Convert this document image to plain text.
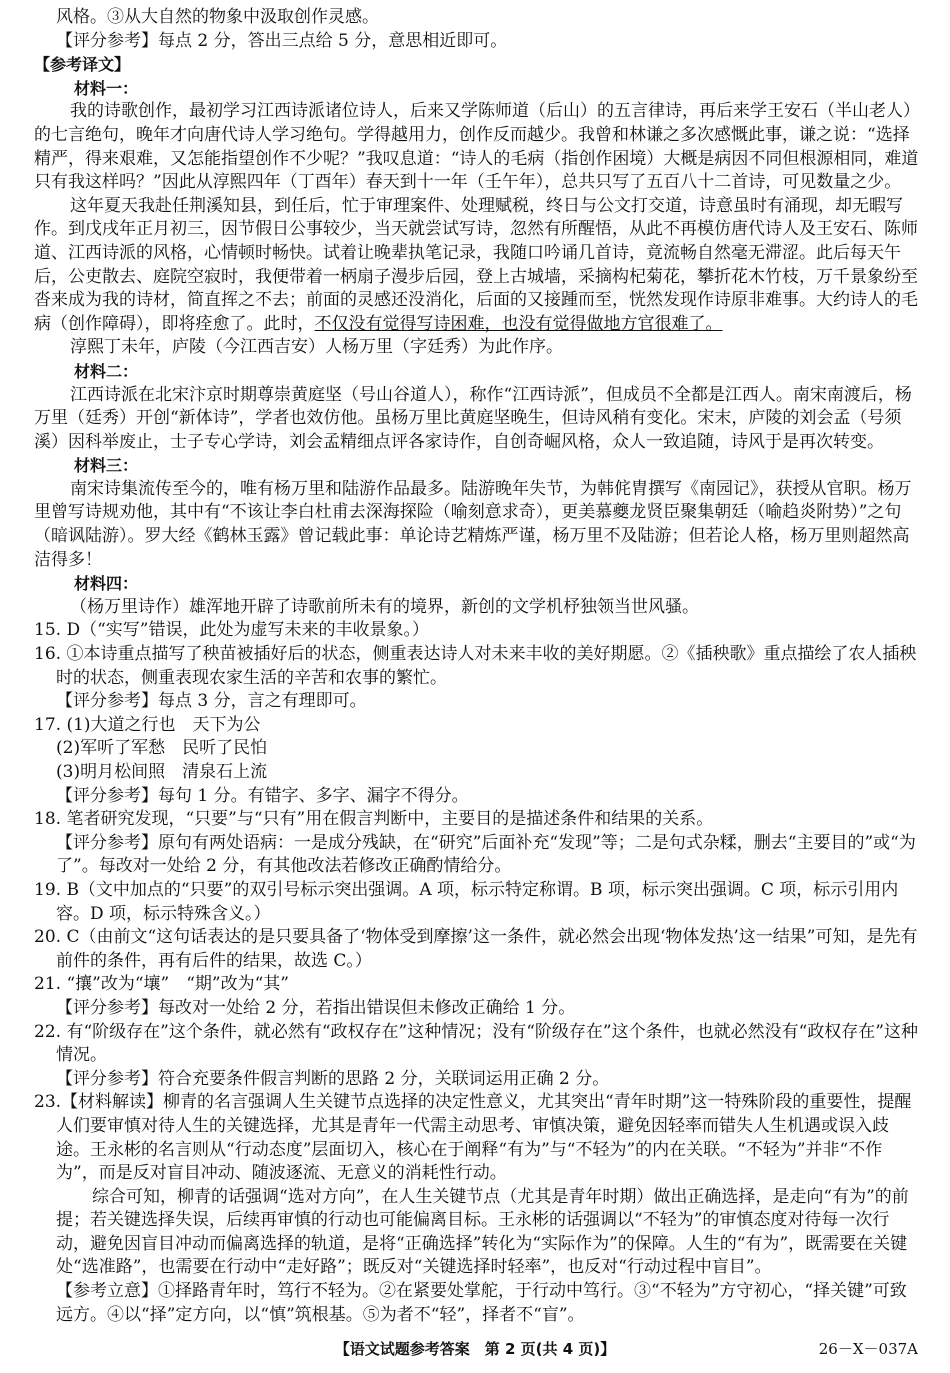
风格。③从大自然的物象中汲取创作灵感。

【评分参考】每点 2 分，答出三点给 5 分，意思相近即可。

【参考译文】

材料一：

我的诗歌创作，最初学习江西诗派诸位诗人，后来又学陈师道（后山）的五言律诗，再后来学王安石（半山老人）的七言绝句，晚年才向唐代诗人学习绝句。学得越用力，创作反而越少。我曾和林谦之多次感慨此事，谦之说：“选择精严，得来艰难，又怎能指望创作不少呢？”我叹息道：“诗人的毛病（指创作困境）大概是病因不同但根源相同，难道只有我这样吗？”因此从淳熙四年（丁酉年）春天到十一年（壬午年），总共只写了五百八十二首诗，可见数量之少。

这年夏天我赴任荆溪知县，到任后，忙于审理案件、处理赋税，终日与公文打交道，诗意虽时有涌现，却无暇写作。到戊戌年正月初三，因节假日公事较少，当天就尝试写诗，忽然有所醒悟，从此不再模仿唐代诗人及王安石、陈师道、江西诗派的风格，心情顿时畅快。试着让晚辈执笔记录，我随口吟诵几首诗，竟流畅自然毫无滞涩。此后每天午后，公吏散去、庭院空寂时，我便带着一柄扇子漫步后园，登上古城墙，采摘构杞菊花，攀折花木竹枝，万千景象纷至沓来成为我的诗材，简直挥之不去；前面的灵感还没消化，后面的又接踵而至，恍然发现作诗原非难事。大约诗人的毛病（创作障碍），即将痊愈了。此时，不仅没有觉得写诗困难，也没有觉得做地方官很难了。

淳熙丁未年，庐陵（今江西吉安）人杨万里（字廷秀）为此作序。

材料二：

江西诗派在北宋汴京时期尊崇黄庭坚（号山谷道人），称作“江西诗派”，但成员不全都是江西人。南宋南渡后，杨万里（廷秀）开创“新体诗”，学者也效仿他。虽杨万里比黄庭坚晚生，但诗风稍有变化。宋末，庐陵的刘会孟（号须溪）因科举废止，士子专心学诗，刘会孟精细点评各家诗作，自创奇崛风格，众人一致追随，诗风于是再次转变。

材料三：

南宋诗集流传至今的，唯有杨万里和陆游作品最多。陆游晚年失节，为韩侂胄撰写《南园记》，获授从官职。杨万里曾写诗规劝他，其中有“不该让李白杜甫去深海探险（喻刻意求奇），更美慕夔龙贤臣聚集朝廷（喻趋炎附势）”之句（暗讽陆游）。罗大经《鹤林玉露》曾记载此事：单论诗艺精炼严谨，杨万里不及陆游；但若论人格，杨万里则超然高洁得多！

材料四：

（杨万里诗作）雄浑地开辟了诗歌前所未有的境界，新创的文学机杼独领当世风骚。

15. D（“实写”错误，此处为虚写未来的丰收景象。）

16. ①本诗重点描写了秧苗被插好后的状态，侧重表达诗人对未来丰收的美好期愿。②《插秧歌》重点描绘了农人插秧时的状态，侧重表现农家生活的辛苦和农事的繁忙。

【评分参考】每点 3 分，言之有理即可。

17. (1)大道之行也　天下为公

(2)军听了军愁　民听了民怕

(3)明月松间照　清泉石上流

【评分参考】每句 1 分。有错字、多字、漏字不得分。

18. 笔者研究发现，“只要”与“只有”用在假言判断中，主要目的是描述条件和结果的关系。

【评分参考】原句有两处语病：一是成分残缺，在“研究”后面补充“发现”等；二是句式杂糅，删去“主要目的”或“为了”。每改对一处给 2 分，有其他改法若修改正确酌情给分。

19. B（文中加点的“只要”的双引号标示突出强调。A 项，标示特定称谓。B 项，标示突出强调。C 项，标示引用内容。D 项，标示特殊含义。）

20. C（由前文“这句话表达的是只要具备了‘物体受到摩擦’这一条件，就必然会出现‘物体发热’这一结果”可知，是先有前件的条件，再有后件的结果，故选 C。）

21. “攘”改为“壤”　“期”改为“其”

【评分参考】每改对一处给 2 分，若指出错误但未修改正确给 1 分。

22. 有“阶级存在”这个条件，就必然有“政权存在”这种情况；没有“阶级存在”这个条件，也就必然没有“政权存在”这种情况。

【评分参考】符合充要条件假言判断的思路 2 分，关联词运用正确 2 分。

23.【材料解读】柳青的名言强调人生关键节点选择的决定性意义，尤其突出“青年时期”这一特殊阶段的重要性，提醒人们要审慎对待人生的关键选择，尤其是青年一代需主动思考、审慎决策，避免因轻率而错失人生机遇或误入歧途。王永彬的名言则从“行动态度”层面切入，核心在于阐释“有为”与“不轻为”的内在关联。“不轻为”并非“不作为”，而是反对盲目冲动、随波逐流、无意义的消耗性行动。

综合可知，柳青的话强调“选对方向”，在人生关键节点（尤其是青年时期）做出正确选择，是走向“有为”的前提；若关键选择失误，后续再审慎的行动也可能偏离目标。王永彬的话强调以“不轻为”的审慎态度对待每一次行动，避免因盲目冲动而偏离选择的轨道，是将“正确选择”转化为“实际作为”的保障。人生的“有为”，既需要在关键处“选准路”，也需要在行动中“走好路”；既反对“关键选择时轻率”，也反对“行动过程中盲目”。

【参考立意】①择路青年时，笃行不轻为。②在紧要处掌舵，于行动中笃行。③“不轻为”方守初心，“择关键”可致远方。④以“择”定方向，以“慎”筑根基。⑤为者不“轻”，择者不“盲”。

【语文试题参考答案　第 2 页(共 4 页)】	26－X－037A
